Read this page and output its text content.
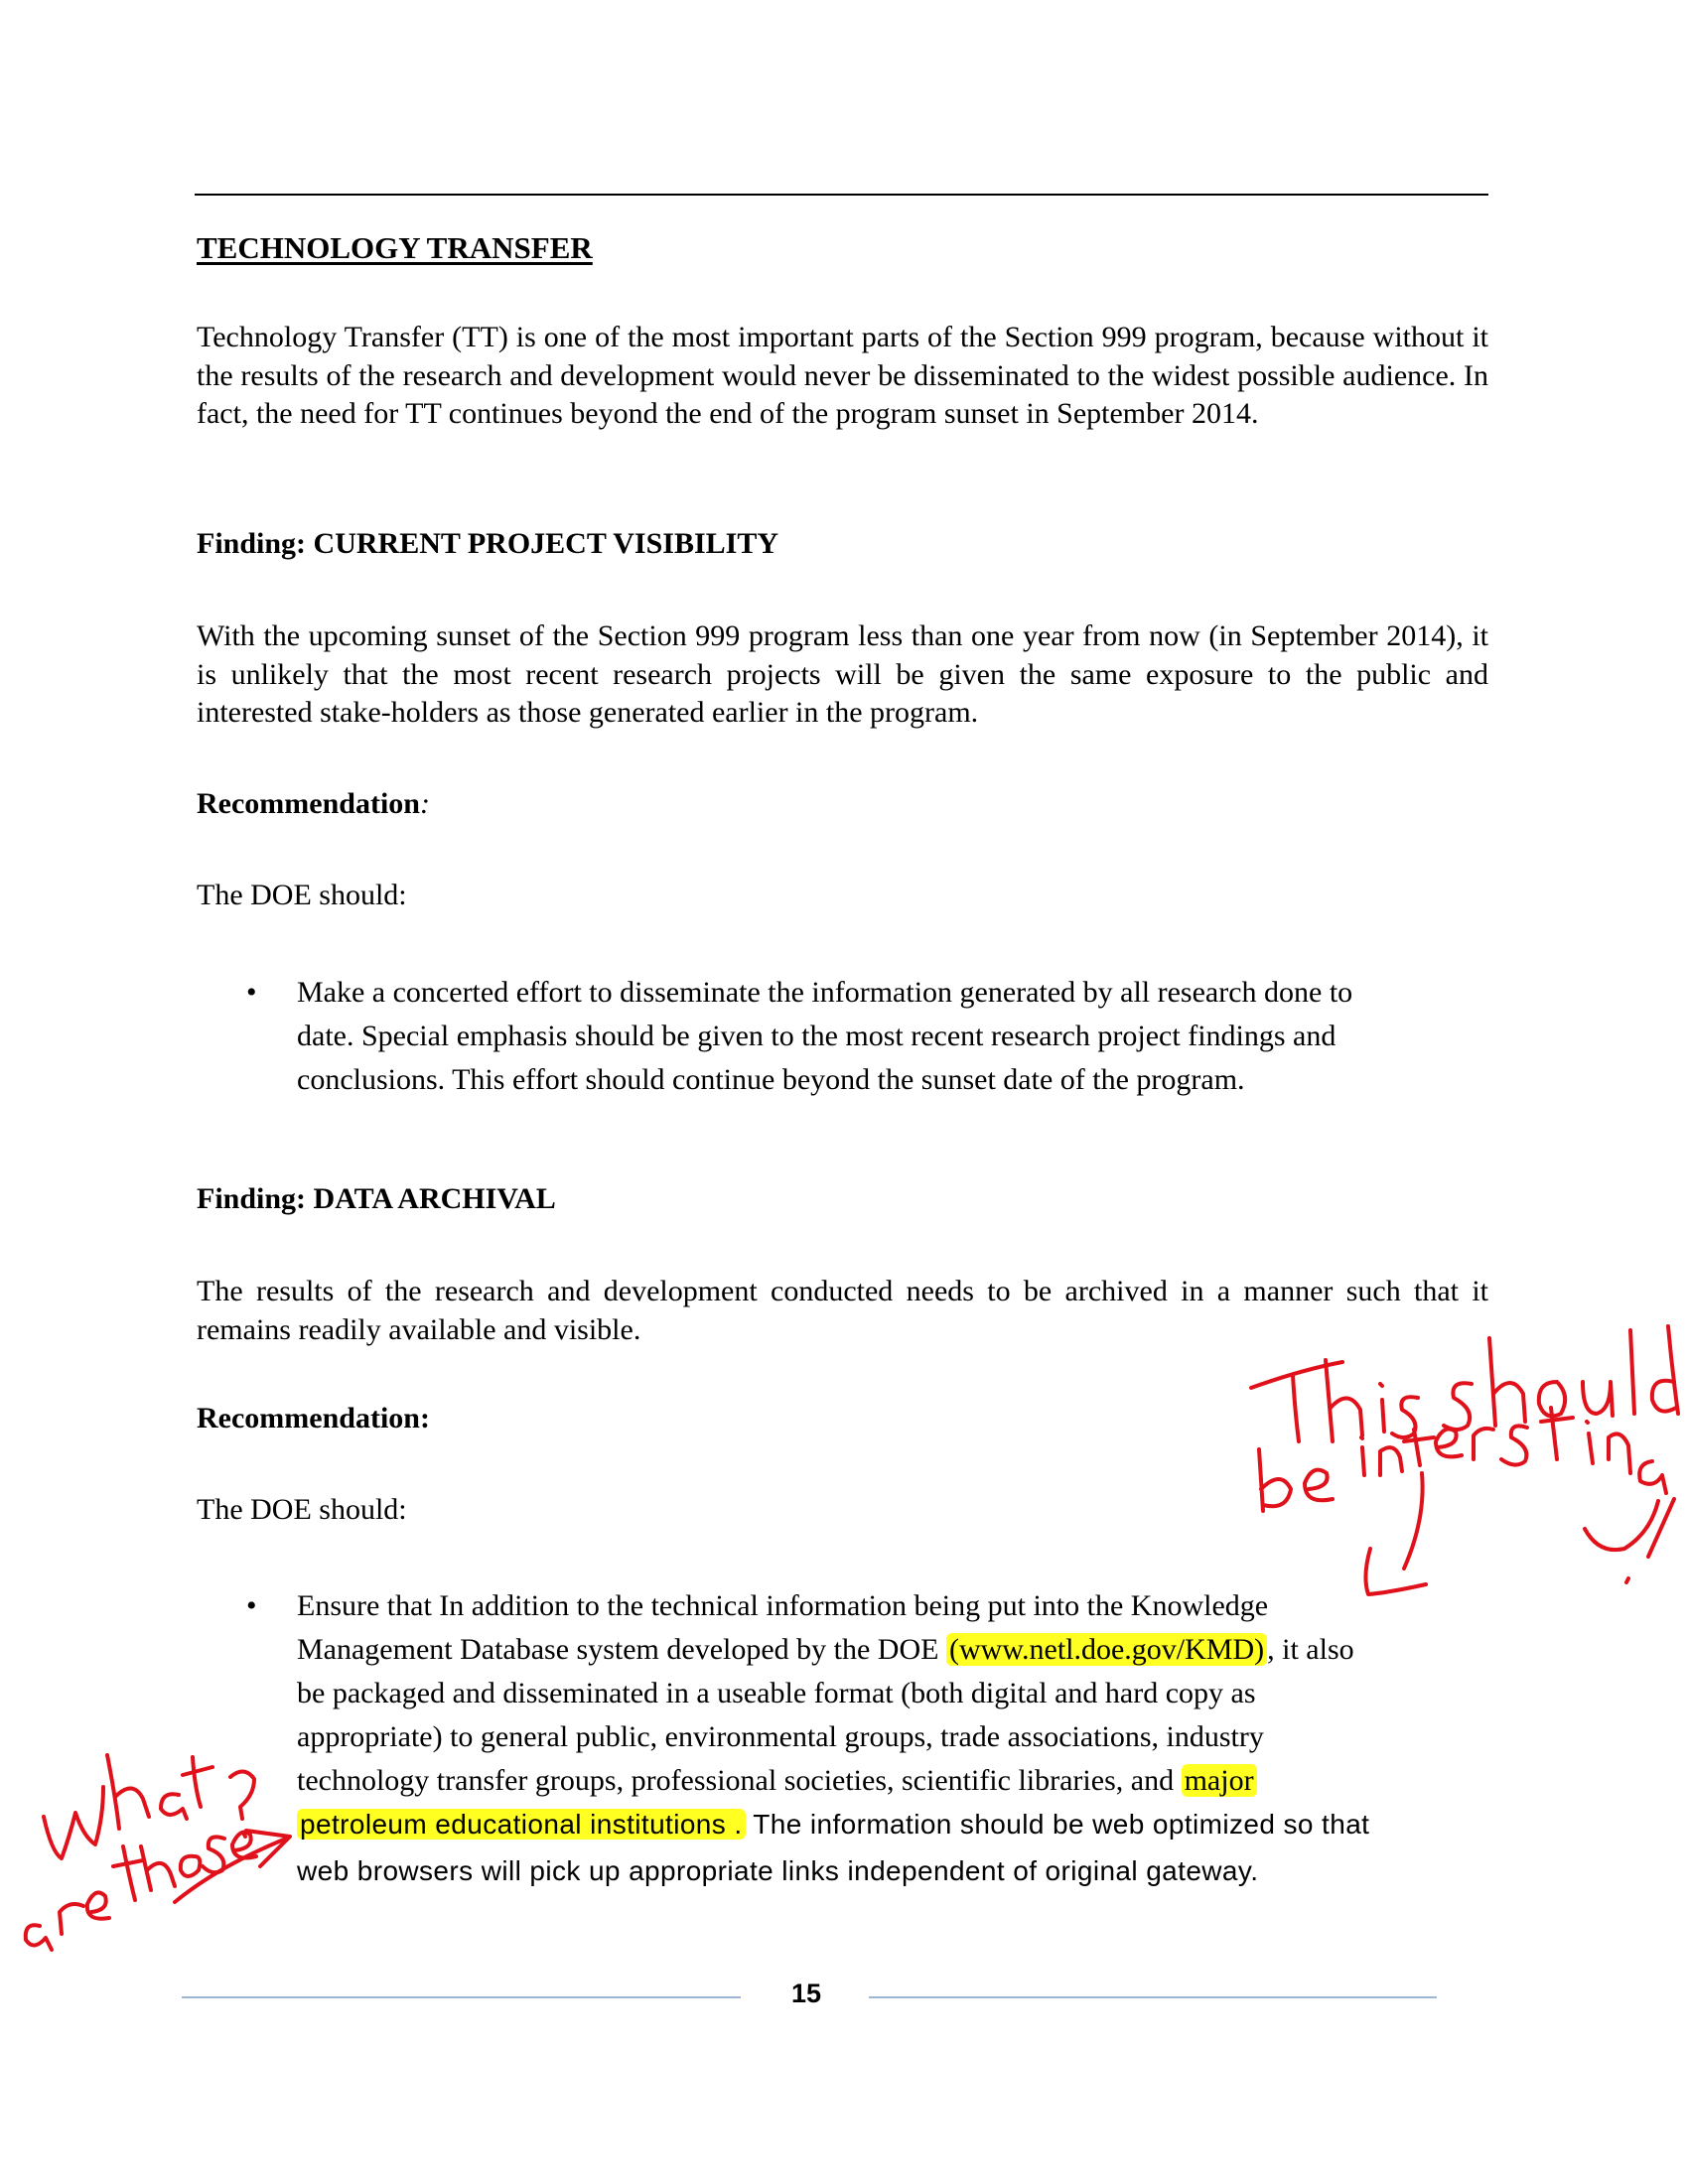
TECHNOLOGY TRANSFER
Technology Transfer (TT) is one of the most important parts of the Section 999 program, because without it the results of the research and development would never be disseminated to the widest possible audience. In fact, the need for TT continues beyond the end of the program sunset in September 2014.
Finding: CURRENT PROJECT VISIBILITY
With the upcoming sunset of the Section 999 program less than one year from now (in September 2014), it is unlikely that the most recent research projects will be given the same exposure to the public and interested stake-holders as those generated earlier in the program.
Recommendation:
The DOE should:
• Make a concerted effort to disseminate the information generated by all research done to
date. Special emphasis should be given to the most recent research project findings and
conclusions. This effort should continue beyond the sunset date of the program.
Finding: DATA ARCHIVAL
The results of the research and development conducted needs to be archived in a manner such that it remains readily available and visible.
Recommendation:
The DOE should:
• Ensure that In addition to the technical information being put into the Knowledge
Management Database system developed by the DOE (www.netl.doe.gov/KMD) , it also
be packaged and disseminated in a useable format (both digital and hard copy as
appropriate) to general public, environmental groups, trade associations, industry
technology transfer groups, professional societies, scientific libraries, and major
petroleum educational institutions . The information should be web optimized so that
web browsers will pick up appropriate links independent of original gateway.
15
